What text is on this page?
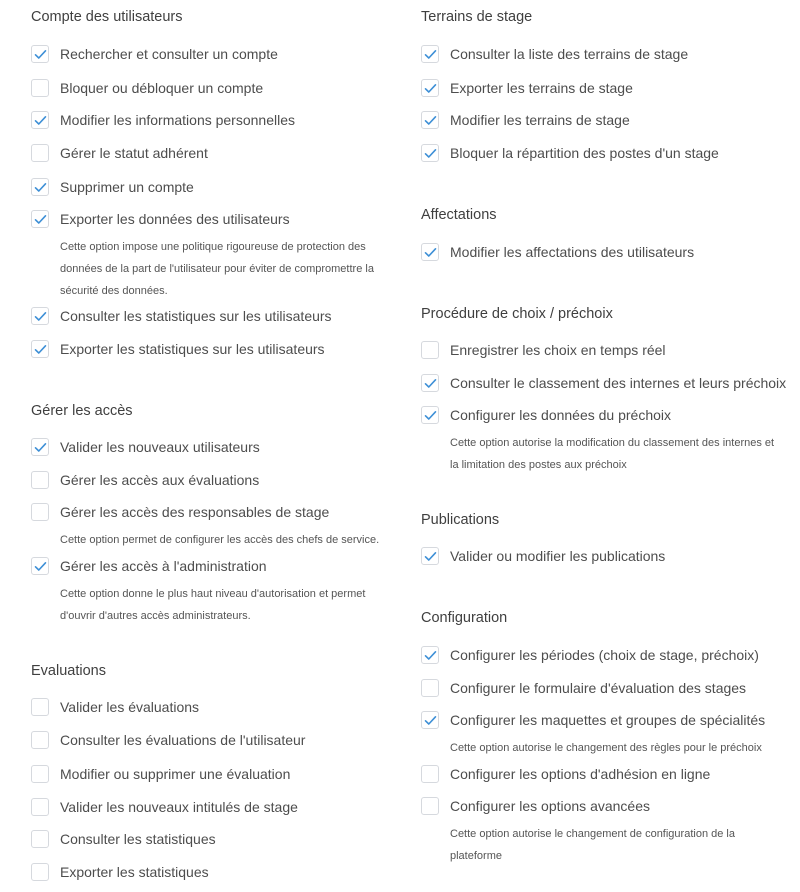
Compte des utilisateurs
Rechercher et consulter un compte
Bloquer ou débloquer un compte
Modifier les informations personnelles
Gérer le statut adhérent
Supprimer un compte
Exporter les données des utilisateurs
Cette option impose une politique rigoureuse de protection des données de la part de l'utilisateur pour éviter de compromettre la sécurité des données.
Consulter les statistiques sur les utilisateurs
Exporter les statistiques sur les utilisateurs
Gérer les accès
Valider les nouveaux utilisateurs
Gérer les accès aux évaluations
Gérer les accès des responsables de stage
Cette option permet de configurer les accès des chefs de service.
Gérer les accès à l'administration
Cette option donne le plus haut niveau d'autorisation et permet d'ouvrir d'autres accès administrateurs.
Evaluations
Valider les évaluations
Consulter les évaluations de l'utilisateur
Modifier ou supprimer une évaluation
Valider les nouveaux intitulés de stage
Consulter les statistiques
Exporter les statistiques
Terrains de stage
Consulter la liste des terrains de stage
Exporter les terrains de stage
Modifier les terrains de stage
Bloquer la répartition des postes d'un stage
Affectations
Modifier les affectations des utilisateurs
Procédure de choix / préchoix
Enregistrer les choix en temps réel
Consulter le classement des internes et leurs préchoix
Configurer les données du préchoix
Cette option autorise la modification du classement des internes et la limitation des postes aux préchoix
Publications
Valider ou modifier les publications
Configuration
Configurer les périodes (choix de stage, préchoix)
Configurer le formulaire d'évaluation des stages
Configurer les maquettes et groupes de spécialités
Cette option autorise le changement des règles pour le préchoix
Configurer les options d'adhésion en ligne
Configurer les options avancées
Cette option autorise le changement de configuration de la plateforme
